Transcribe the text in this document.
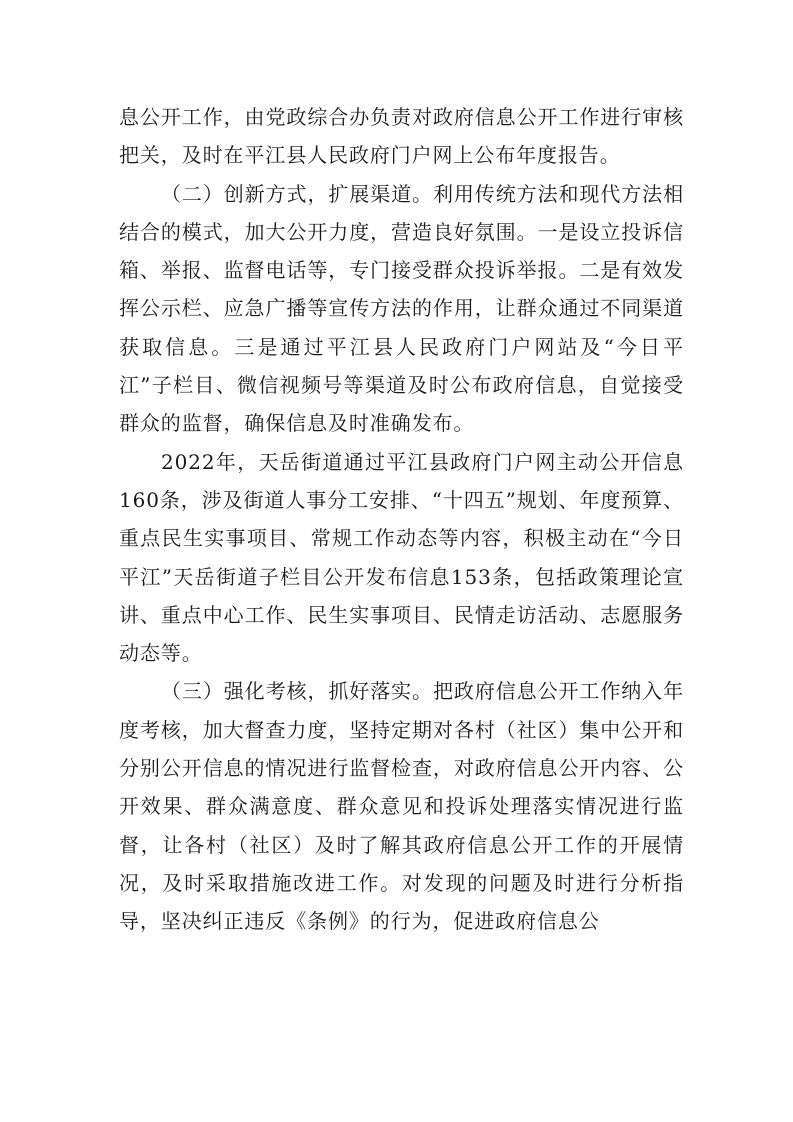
息公开工作，由党政综合办负责对政府信息公开工作进行审核把关，及时在平江县人民政府门户网上公布年度报告。

（二）创新方式，扩展渠道。利用传统方法和现代方法相结合的模式，加大公开力度，营造良好氛围。一是设立投诉信箱、举报、监督电话等，专门接受群众投诉举报。二是有效发挥公示栏、应急广播等宣传方法的作用，让群众通过不同渠道获取信息。三是通过平江县人民政府门户网站及“今日平江”子栏目、微信视频号等渠道及时公布政府信息，自觉接受群众的监督，确保信息及时准确发布。

2022年，天岳街道通过平江县政府门户网主动公开信息160条，涉及街道人事分工安排、“十四五”规划、年度预算、重点民生实事项目、常规工作动态等内容，积极主动在“今日平江”天岳街道子栏目公开发布信息153条，包括政策理论宣讲、重点中心工作、民生实事项目、民情走访活动、志愿服务动态等。

（三）强化考核，抓好落实。把政府信息公开工作纳入年度考核，加大督查力度，坚持定期对各村（社区）集中公开和分别公开信息的情况进行监督检查，对政府信息公开内容、公开效果、群众满意度、群众意见和投诉处理落实情况进行监督，让各村（社区）及时了解其政府信息公开工作的开展情况，及时采取措施改进工作。对发现的问题及时进行分析指导，坚决纠正违反《条例》的行为，促进政府信息公
